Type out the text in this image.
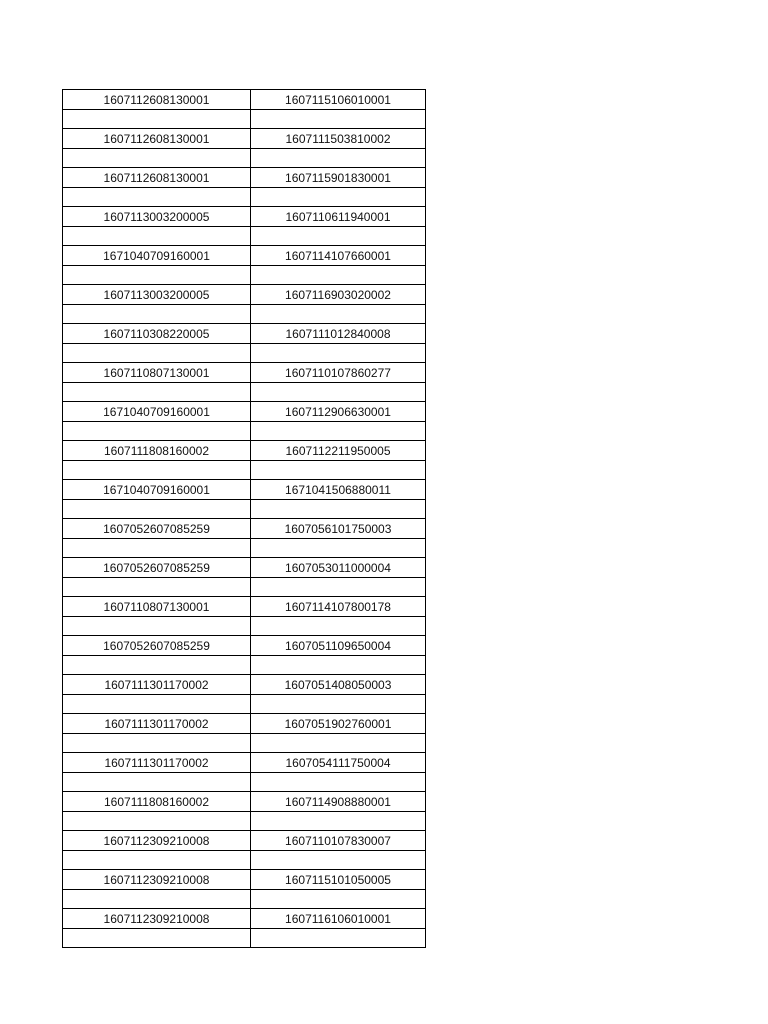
1607112608130001	1607115106010001

1607112608130001	1607111503810002

1607112608130001	1607115901830001

1607113003200005	1607110611940001

1671040709160001	1607114107660001

1607113003200005	1607116903020002

1607110308220005	1607111012840008

1607110807130001	1607110107860277

1671040709160001	1607112906630001

1607111808160002	1607112211950005

1671040709160001	1671041506880011

1607052607085259	1607056101750003

1607052607085259	1607053011000004

1607110807130001	1607114107800178

1607052607085259	1607051109650004

1607111301170002	1607051408050003

1607111301170002	1607051902760001

1607111301170002	1607054111750004

1607111808160002	1607114908880001

1607112309210008	1607110107830007

1607112309210008	1607115101050005

1607112309210008	1607116106010001
